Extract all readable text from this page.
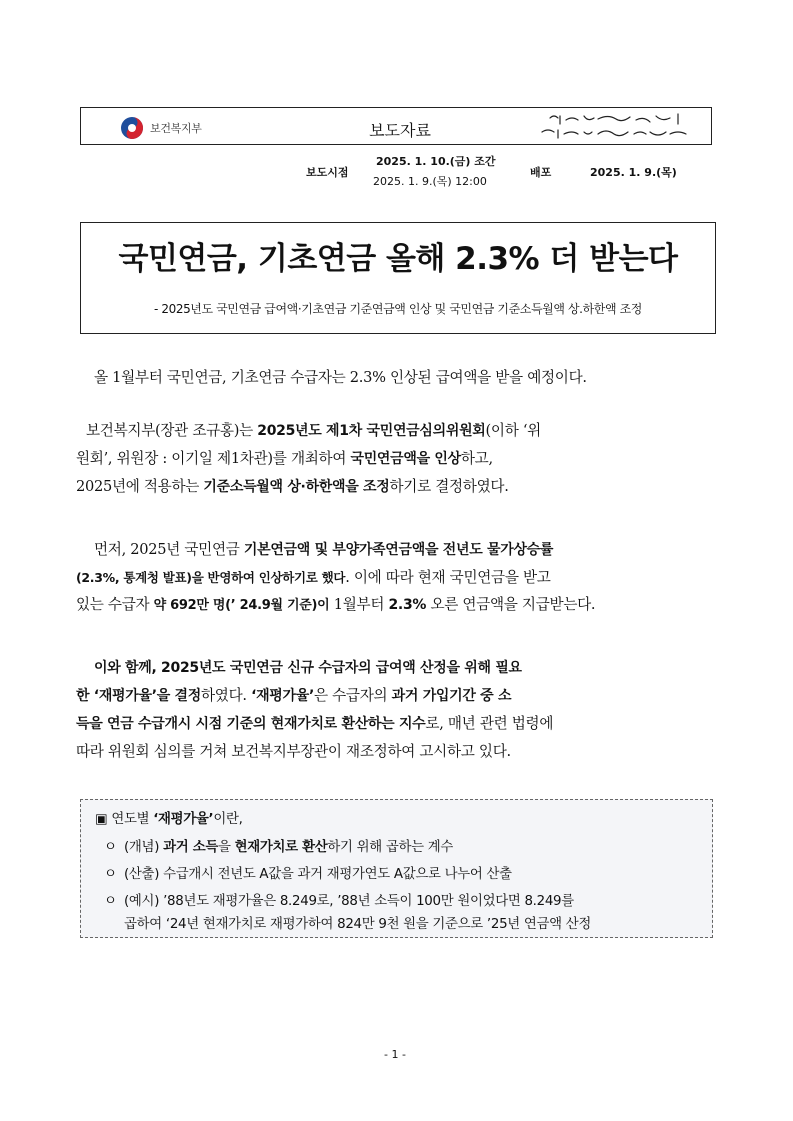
보건복지부	보도자료
보도시점
2025. 1. 10.(금) 조간
2025. 1. 9.(목) 12:00
배포	2025. 1. 9.(목)
국민연금, 기초연금 올해 2.3% 더 받는다
- 2025년도 국민연금 급여액·기초연금 기준연금액 인상 및 국민연금 기준소득월액 상.하한액 조정
올 1월부터 국민연금, 기초연금 수급자는 2.3% 인상된 급여액을 받을 예정이다.
보건복지부(장관 조규홍)는 2025년도 제1차 국민연금심의위원회(이하 ‘위
원회’, 위원장 : 이기일 제1차관)를 개최하여 국민연금액을 인상하고,
2025년에 적용하는 기준소득월액 상·하한액을 조정하기로 결정하였다.
먼저, 2025년 국민연금 기본연금액 및 부양가족연금액을 전년도 물가상승률
(2.3%, 통계청 발표)을 반영하여 인상하기로 했다. 이에 따라 현재 국민연금을 받고
있는 수급자 약 692만 명(’ 24.9월 기준)이 1월부터 2.3% 오른 연금액을 지급받는다.
이와 함께, 2025년도 국민연금 신규 수급자의 급여액 산정을 위해 필요
한 ‘재평가율’을 결정하였다. ‘재평가율’은 수급자의 과거 가입기간 중 소
득을 연금 수급개시 시점 기준의 현재가치로 환산하는 지수로, 매년 관련 법령에
따라 위원회 심의를 거쳐 보건복지부장관이 재조정하여 고시하고 있다.
▣ 연도별 ‘재평가율’이란,
ㅇ (개념) 과거 소득을 현재가치로 환산하기 위해 곱하는 계수
ㅇ (산출) 수급개시 전년도 A값을 과거 재평가연도 A값으로 나누어 산출
ㅇ (예시) ’88년도 재평가율은 8.249로, ’88년 소득이 100만 원이었다면 8.249를
곱하여 ‘24년 현재가치로 재평가하여 824만 9천 원을 기준으로 ’25년 연금액 산정
- 1 -
